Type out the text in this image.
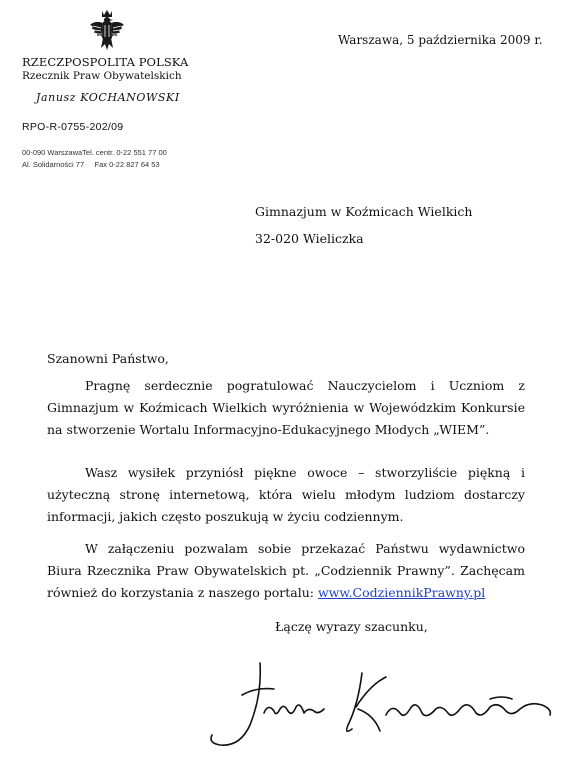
RZECZPOSPOLITA POLSKA
Rzecznik Praw Obywatelskich
Janusz KOCHANOWSKI
RPO-R-0755-202/09
00-090 WarszawaTel. centr. 0-22 551 77 00
Al. Solidarności 77     Fax 0-22 827 64 53
Warszawa, 5 października 2009 r.
Gimnazjum w Koźmicach Wielkich
32-020 Wieliczka
Szanowni Państwo,
Pragnę serdecznie pogratulować Nauczycielom i Uczniom z Gimnazjum w Koźmicach Wielkich wyróżnienia w Wojewódzkim Konkursie na stworzenie Wortalu Informacyjno-Edukacyjnego Młodych „WIEM”.
Wasz wysiłek przyniósł piękne owoce – stworzyliście piękną i użyteczną stronę internetową, która wielu młodym ludziom dostarczy informacji, jakich często poszukują w życiu codziennym.
W załączeniu pozwalam sobie przekazać Państwu wydawnictwo Biura Rzecznika Praw Obywatelskich pt. „Codziennik Prawny”. Zachęcam również do korzystania z naszego portalu: www.CodziennikPrawny.pl
Łączę wyrazy szacunku,
